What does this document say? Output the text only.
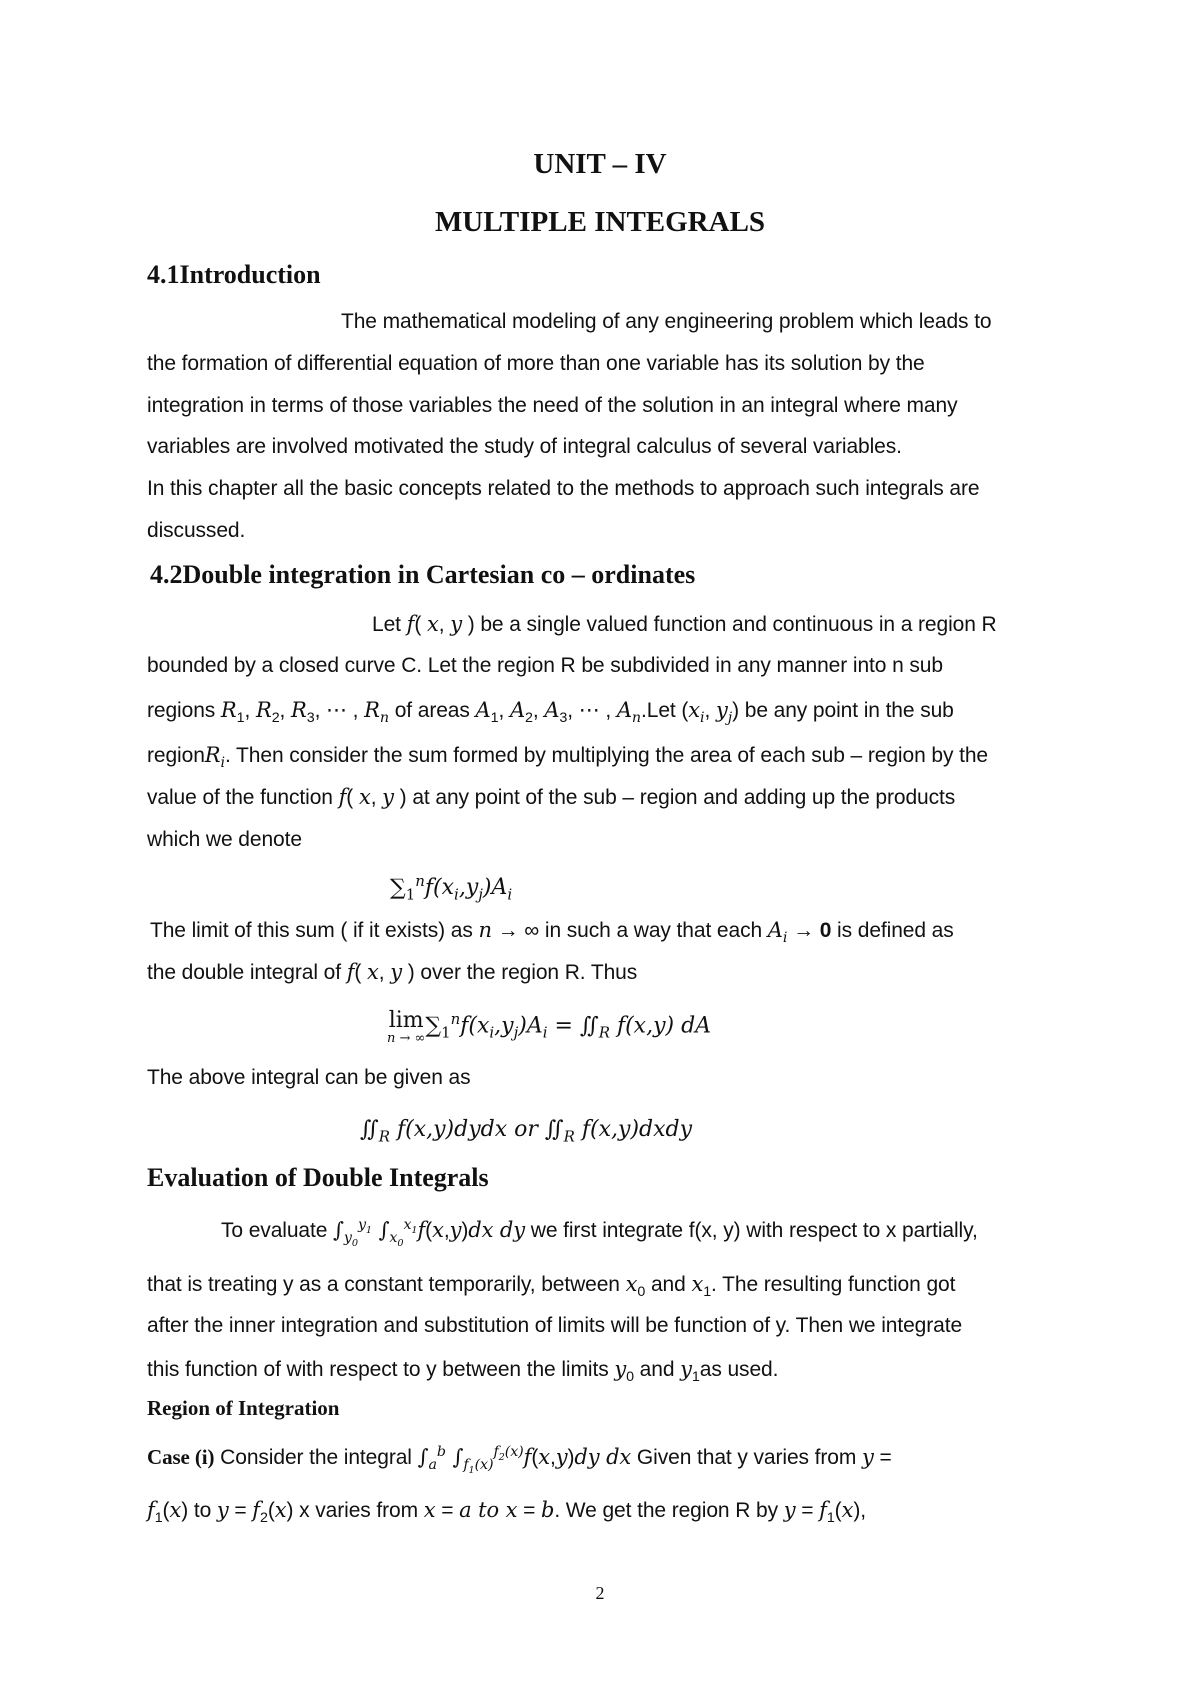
UNIT – IV
MULTIPLE INTEGRALS
4.1Introduction
The mathematical modeling of any engineering problem which leads to
the formation of differential equation of more than one variable has its solution by the
integration in terms of those variables the need of the solution in an integral where many
variables are involved motivated the study of integral calculus of several variables.
In this chapter all the basic concepts related to the methods to approach such integrals are
discussed.
4.2Double integration in Cartesian co – ordinates
Let f( x, y ) be a single valued function and continuous in a region R
bounded by a closed curve C. Let the region R be subdivided in any manner into n sub
regions $R_1$, $R_2$, $R_3$, ⋯ , $R_n$ of areas $A_1$, $A_2$, $A_3$, ⋯ , $A_n.Let$ ($x_i$, $y_j$) be any point in the sub
regionR$_i$. Then consider the sum formed by multiplying the area of each sub – region by the
value of the function f( x, y ) at any point of the sub – region and adding up the products
which we denote
$\sum_1^nf(x_i,y_j)A_i$
The limit of this sum ( if it exists) as n → ∞ in such a way that each $A_i \to 0$ is defined as
the double integral of f( x, y ) over the region R. Thus
lim
n → ∞
$\sum_1^nf(x_i,y_j)A_i$ = $∬_R$ f(x,y) dA
The above integral can be given as
$∬_R$ f(x,y)dydx or $∬_R$ f(x,y)dxdy
Evaluation of Double Integrals
To evaluate $\int_{y_0}^{y_1}$ $\int_{x_0}^{x_1}f(x,y)dx$ dy we first integrate f(x, y) with respect to x partially,
that is treating y as a constant temporarily, between $x_0$ and $x_1$. The resulting function got
after the inner integration and substitution of limits will be function of y. Then we integrate
this function of with respect to y between the limits $y_0$ and $y_1as$ used.
Region of Integration
Case (i) Consider the integral $\int_a^b$ $\int_{f_1(x)}^{f_2(x)}f(x,y)dy$ dx Given that y varies from y =
$f_1(x)$ to $y = f_2(x)$ x varies from x = a to x = b. We get the region R by $y = f_1(x)$,
2
